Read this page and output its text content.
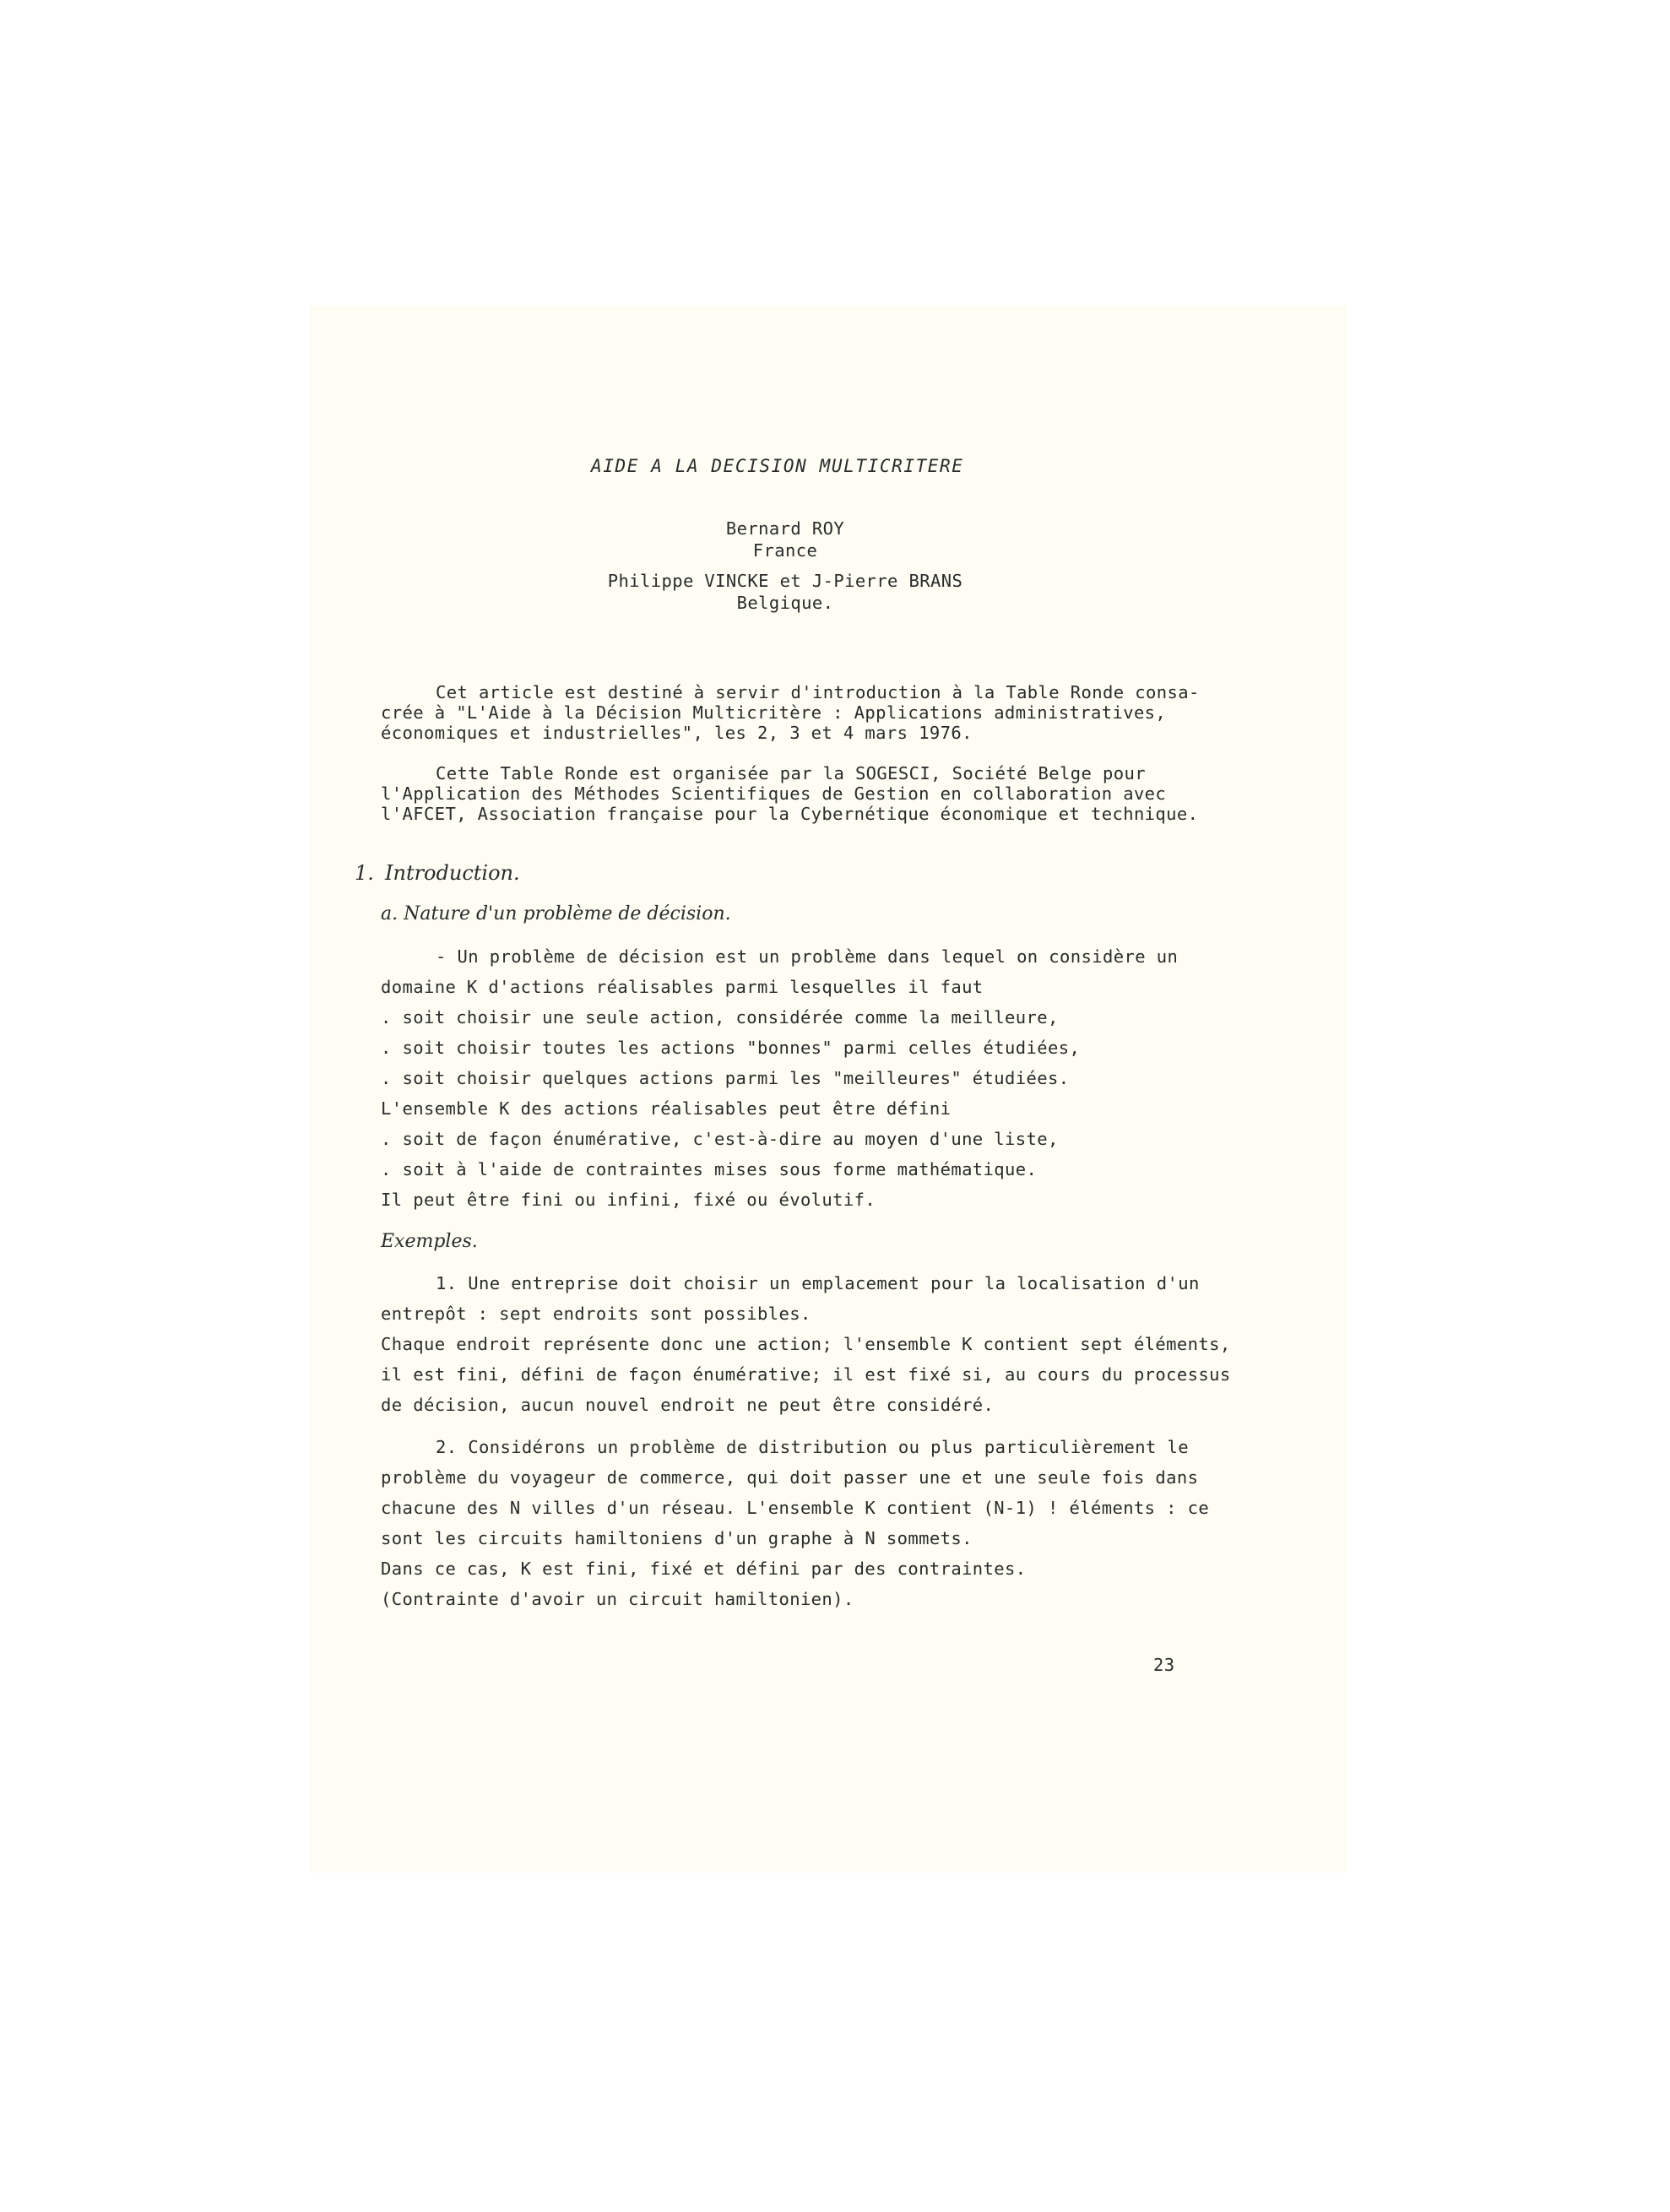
AIDE A LA DECISION MULTICRITERE
Bernard ROY
France
Philippe VINCKE et J-Pierre BRANS
Belgique.
Cet article est destiné à servir d'introduction à la Table Ronde consa-
crée à "L'Aide à la Décision Multicritère : Applications administratives,
économiques et industrielles", les 2, 3 et 4 mars 1976.
Cette Table Ronde est organisée par la SOGESCI, Société Belge pour
l'Application des Méthodes Scientifiques de Gestion en collaboration avec
l'AFCET, Association française pour la Cybernétique économique et technique.
1. Introduction.
a. Nature d'un problème de décision.
- Un problème de décision est un problème dans lequel on considère un
domaine K d'actions réalisables parmi lesquelles il faut
. soit choisir une seule action, considérée comme la meilleure,
. soit choisir toutes les actions "bonnes" parmi celles étudiées,
. soit choisir quelques actions parmi les "meilleures" étudiées.
L'ensemble K des actions réalisables peut être défini
. soit de façon énumérative, c'est-à-dire au moyen d'une liste,
. soit à l'aide de contraintes mises sous forme mathématique.
Il peut être fini ou infini, fixé ou évolutif.
Exemples.
1. Une entreprise doit choisir un emplacement pour la localisation d'un
entrepôt : sept endroits sont possibles.
Chaque endroit représente donc une action; l'ensemble K contient sept éléments,
il est fini, défini de façon énumérative; il est fixé si, au cours du processus
de décision, aucun nouvel endroit ne peut être considéré.
2. Considérons un problème de distribution ou plus particulièrement le
problème du voyageur de commerce, qui doit passer une et une seule fois dans
chacune des N villes d'un réseau. L'ensemble K contient (N-1) ! éléments : ce
sont les circuits hamiltoniens d'un graphe à N sommets.
Dans ce cas, K est fini, fixé et défini par des contraintes.
(Contrainte d'avoir un circuit hamiltonien).
23
